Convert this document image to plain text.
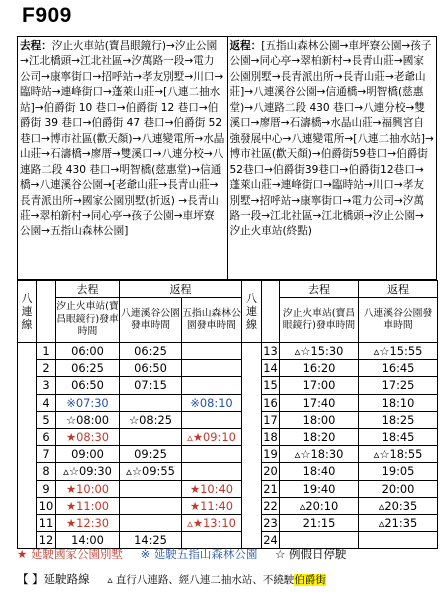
F909
去程：汐止火車站(寶昌眼鏡行)→汐止公園→江北橋頭→江北社區→汐萬路一段→電力公司→康寧街口→招呼站→孝友別墅→川口→臨時站→連峰街口→蓬萊山莊→[八連二抽水站]→伯爵街 10 巷口→伯爵街 12 巷口→伯爵街 39 巷口→伯爵街 47 巷口→伯爵街 52 巷口→博市社區(歡天顏)→八連變電所→水晶山莊→石濤橋→廖厝→雙溪口→八連分校→八連路二段 430 巷口→明智橋(慈惠堂)→信通橋→八連溪谷公園→[老爺山莊→長青山莊→長青派出所→國家公園別墅(折返) →長青山莊→翠柏新村→同心亭→孩子公園→車坪寮公園→五指山森林公園]
返程：[五指山森林公園→車坪寮公園→孩子公園→同心亭→翠柏新村→長青山莊→國家公園別墅→長青派出所→長青山莊→老爺山莊]→八連溪谷公園→信通橋→明智橋(慈惠堂)→八連路二段 430 巷口→八連分校→雙溪口→廖厝→石濤橋→水晶山莊→福興宮自強發展中心→八連變電所→[八連二抽水站]→博市社區(歡天顏)→伯爵街59巷口→伯爵街52巷口→伯爵街39巷口→伯爵街12巷口→蓬萊山莊→連峰街口→臨時站→川口→孝友別墅→招呼站→康寧街口→電力公司→汐萬路一段→江北社區→江北橋頭→汐止公園→汐止火車站(終點)
八連線		去程	返程		八連線		去程	返程
		汐止火車站(寶昌眼鏡行)發車時間	八連溪谷公園發車時間	五指山森林公園發車時間			汐止火車站(寶昌眼鏡行)發車時間	八連溪谷公園發車時間
	1	06:00	06:25			13	▵☆15:30	▵☆15:55
	2	06:25	06:50			14	16:20	16:45
	3	06:50	07:15			15	17:00	17:25
	4	※07:30		※08:10		16	17:40	18:10
	5	☆08:00	☆08:25			17	18:00	18:25
	6	★08:30		▵★09:10		18	18:20	18:45
	7	09:00	09:25			19	▵☆18:30	▵☆18:55
	8	▵☆09:30	▵☆09:55			20	18:40	19:05
	9	★10:00		★10:40		21	19:40	20:00
	10	★11:00		★11:40		22	▵20:10	▵20:35
	11	★12:30		▵★13:10		23	21:15	▵21:35
	12	14:00	14:25			24		
★ 延駛國家公園別墅 ※ 延駛五指山森林公園 ☆ 例假日停駛
【 】延駛路線 ▵ 直行八連路、經八連二抽水站、不繞駛伯爵街
